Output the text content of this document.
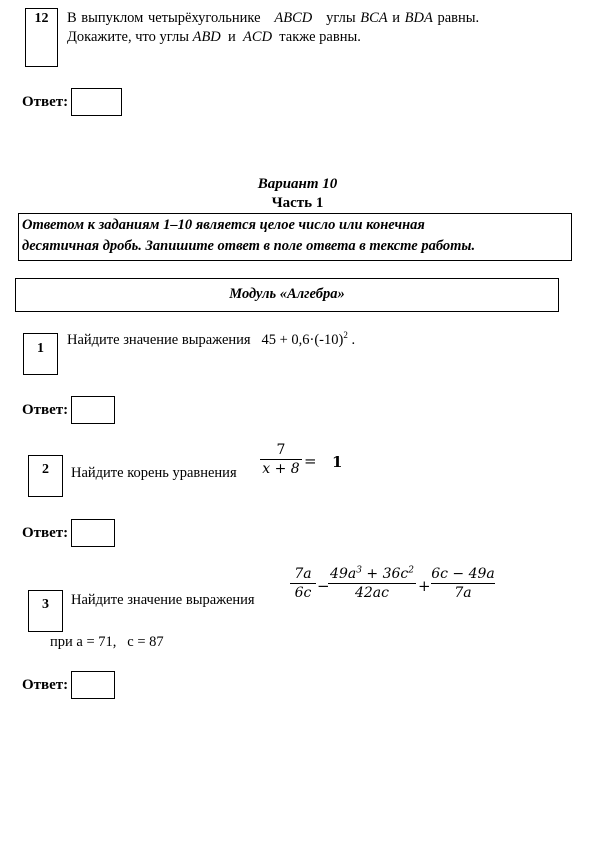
12	В выпуклом четырёхугольнике ABCD углы BCA и BDA равны.
Докажите, что углы ABD и ACD также равны.
Ответ:
Вариант 10
Часть 1
Ответом к заданиям 1–10 является целое число или конечная
десятичная дробь. Запишите ответ в поле ответа в тексте работы.
Модуль «Алгебра»
1
Найдите значение выражения $45 + 0,6\cdot(-10)^2$ .
Ответ:
2	Найдите корень уравнения
7
x + 8 = 1
Ответ:
3	Найдите значение выражения
7a
6c −
$49a^3 + 36c^2$
42ac	+
6c − 49a
7a
при a = 71,   c = 87
Ответ:
